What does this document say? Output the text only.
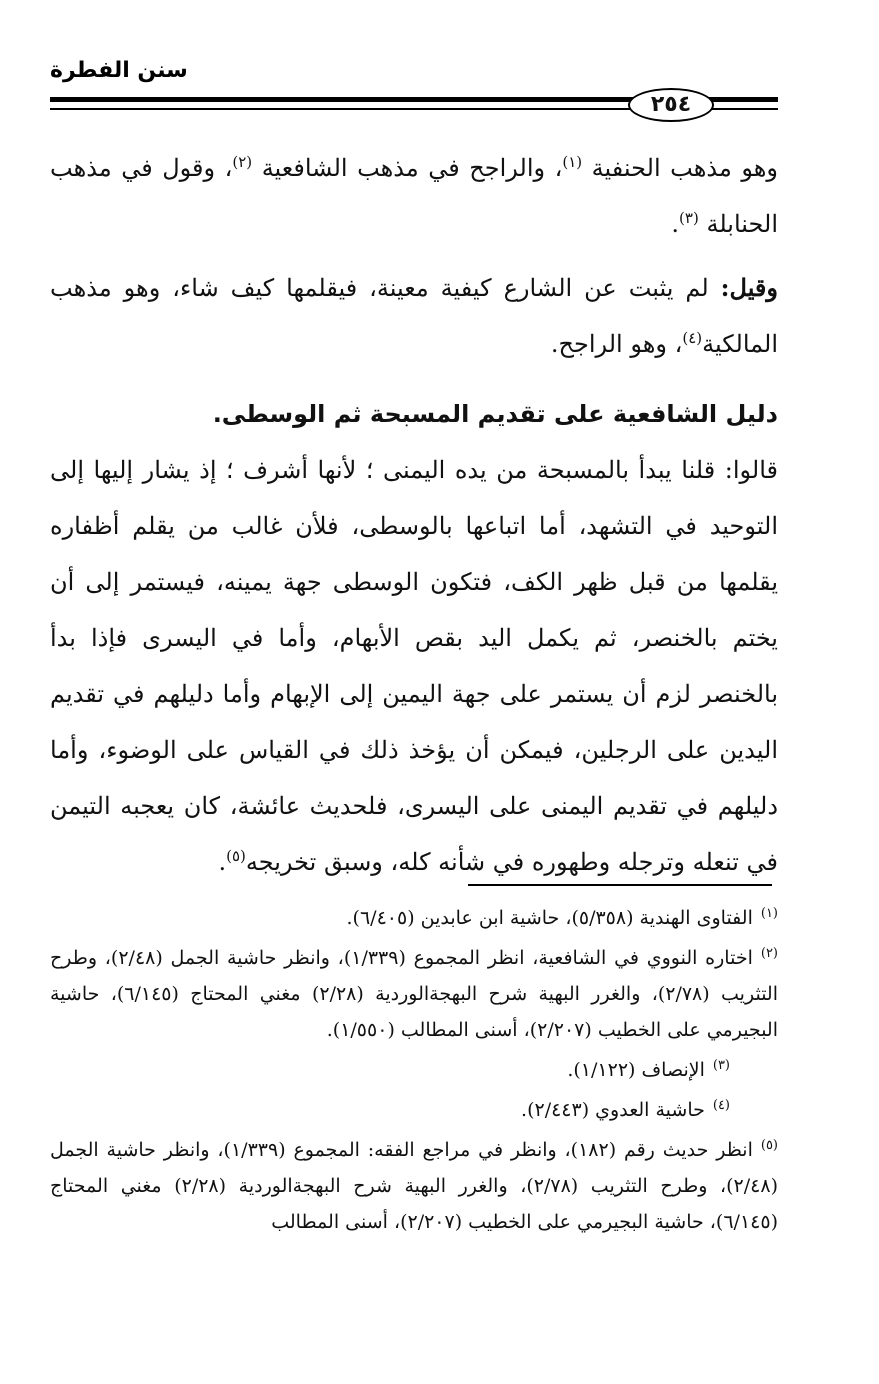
سنن الفطرة
٢٥٤

وهو مذهب الحنفية $^{(١)}$، والراجح في مذهب الشافعية $^{(٢)}$، وقول في مذهب الحنابلة $^{(٣)}$.

وقيل: لم يثبت عن الشارع كيفية معينة، فيقلمها كيف شاء، وهو مذهب المالكية$^{(٤)}$، وهو الراجح.

دليل الشافعية على تقديم المسبحة ثم الوسطى.

قالوا: قلنا يبدأ بالمسبحة من يده اليمنى ؛ لأنها أشرف ؛ إذ يشار إليها إلى التوحيد في التشهد، أما اتباعها بالوسطى، فلأن غالب من يقلم أظفاره يقلمها من قبل ظهر الكف، فتكون الوسطى جهة يمينه، فيستمر إلى أن يختم بالخنصر، ثم يكمل اليد بقص الأبهام، وأما في اليسرى فإذا بدأ بالخنصر لزم أن يستمر على جهة اليمين إلى الإبهام وأما دليلهم في تقديم اليدين على الرجلين، فيمكن أن يؤخذ ذلك في القياس على الوضوء، وأما دليلهم في تقديم اليمنى على اليسرى، فلحديث عائشة، كان يعجبه التيمن في تنعله وترجله وطهوره في شأنه كله، وسبق تخريجه$^{(٥)}$.

$^{(١)}$الفتاوى الهندية (٥/٣٥٨)، حاشية ابن عابدين (٦/٤٠٥).

$^{(٢)}$اختاره النووي في الشافعية، انظر المجموع (١/٣٣٩)، وانظر حاشية الجمل (٢/٤٨)، وطرح التثريب (٢/٧٨)، والغرر البهية شرح البهجةالوردية (٢/٢٨) مغني المحتاج (٦/١٤٥)، حاشية البجيرمي على الخطيب (٢/٢٠٧)، أسنى المطالب (١/٥٥٠).

$^{(٣)}$الإنصاف (١/١٢٢).

$^{(٤)}$حاشية العدوي (٢/٤٤٣).

$^{(٥)}$انظر حديث رقم (١٨٢)، وانظر في مراجع الفقه: المجموع (١/٣٣٩)، وانظر حاشية الجمل (٢/٤٨)، وطرح التثريب (٢/٧٨)، والغرر البهية شرح البهجةالوردية (٢/٢٨) مغني المحتاج (٦/١٤٥)، حاشية البجيرمي على الخطيب (٢/٢٠٧)، أسنى المطالب
